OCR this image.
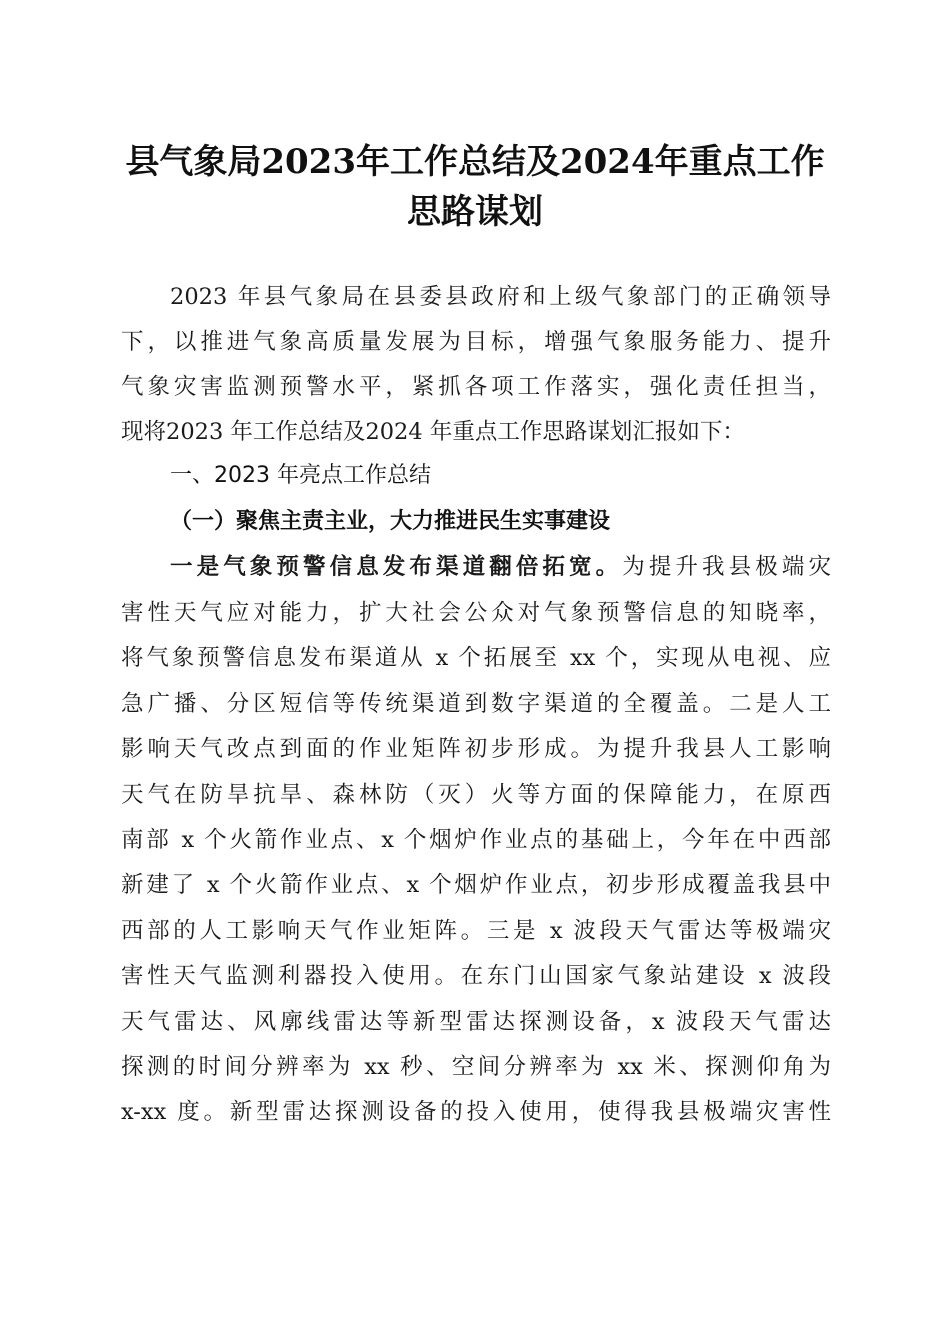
县气象局2023年工作总结及2024年重点工作
思路谋划

2023 年县气象局在县委县政府和上级气象部门的正确领导

下，以推进气象高质量发展为目标，增强气象服务能力、提升

气象灾害监测预警水平，紧抓各项工作落实，强化责任担当，

现将2023 年工作总结及2024 年重点工作思路谋划汇报如下：

一、2023 年亮点工作总结

（一）聚焦主责主业，大力推进民生实事建设

一是气象预警信息发布渠道翻倍拓宽。为提升我县极端灾

害性天气应对能力，扩大社会公众对气象预警信息的知晓率，

将气象预警信息发布渠道从 x 个拓展至 xx 个，实现从电视、应

急广播、分区短信等传统渠道到数字渠道的全覆盖。二是人工

影响天气改点到面的作业矩阵初步形成。为提升我县人工影响

天气在防旱抗旱、森林防（灭）火等方面的保障能力，在原西

南部 x 个火箭作业点、x 个烟炉作业点的基础上，今年在中西部

新建了 x 个火箭作业点、x 个烟炉作业点，初步形成覆盖我县中

西部的人工影响天气作业矩阵。三是 x 波段天气雷达等极端灾

害性天气监测利器投入使用。在东门山国家气象站建设 x 波段

天气雷达、风廓线雷达等新型雷达探测设备，x 波段天气雷达

探测的时间分辨率为 xx 秒、空间分辨率为 xx 米、探测仰角为

x-xx 度。新型雷达探测设备的投入使用，使得我县极端灾害性
